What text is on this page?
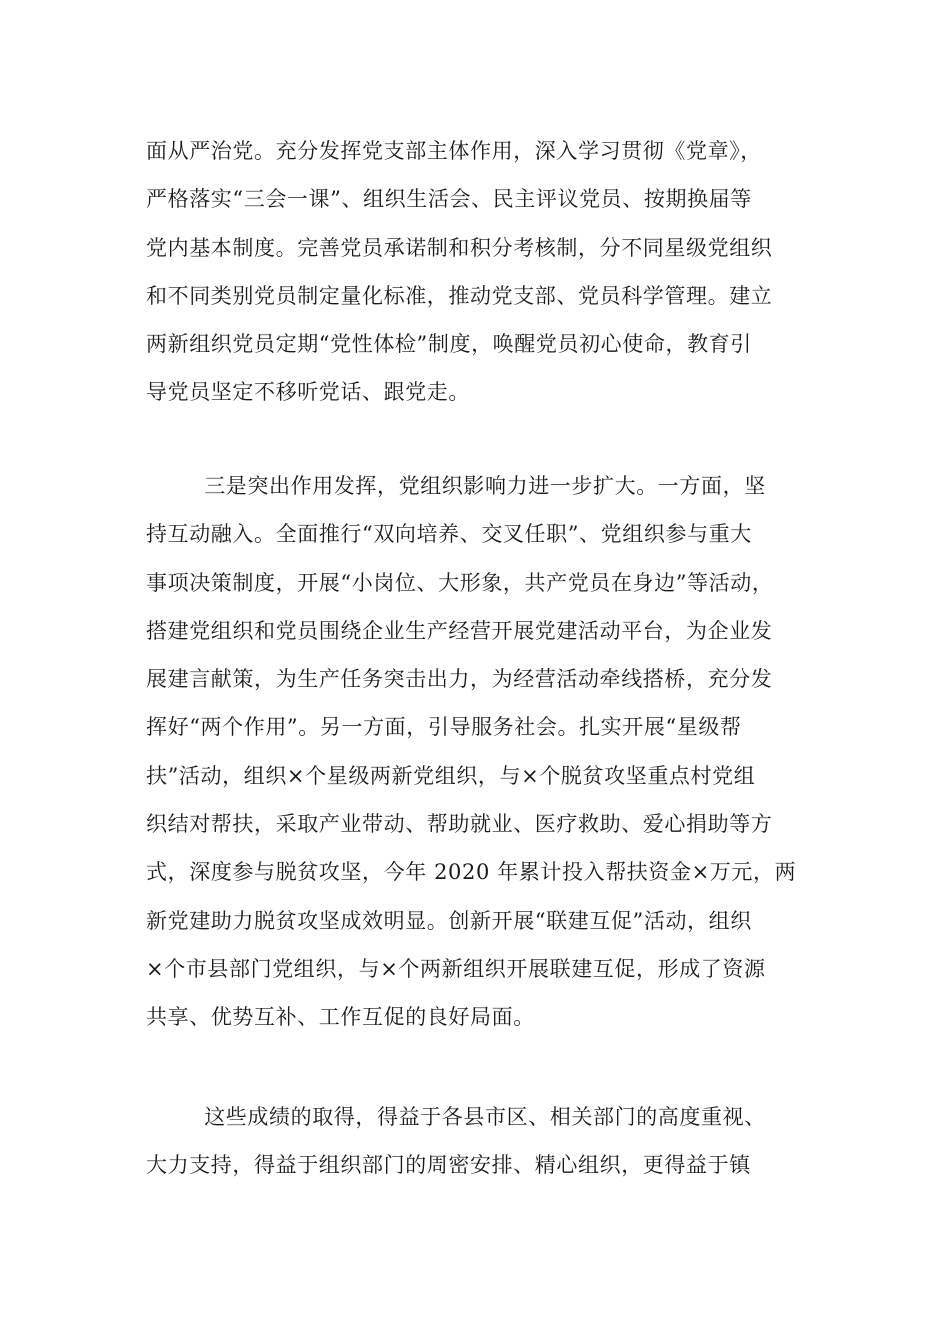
面从严治党。充分发挥党支部主体作用，深入学习贯彻《党章》，
严格落实“三会一课”、组织生活会、民主评议党员、按期换届等
党内基本制度。完善党员承诺制和积分考核制，分不同星级党组织
和不同类别党员制定量化标准，推动党支部、党员科学管理。建立
两新组织党员定期“党性体检”制度，唤醒党员初心使命，教育引
导党员坚定不移听党话、跟党走。
三是突出作用发挥，党组织影响力进一步扩大。一方面，坚
持互动融入。全面推行“双向培养、交叉任职”、党组织参与重大
事项决策制度，开展“小岗位、大形象，共产党员在身边”等活动，
搭建党组织和党员围绕企业生产经营开展党建活动平台，为企业发
展建言献策，为生产任务突击出力，为经营活动牵线搭桥，充分发
挥好“两个作用”。另一方面，引导服务社会。扎实开展“星级帮
扶”活动，组织×个星级两新党组织，与×个脱贫攻坚重点村党组
织结对帮扶，采取产业带动、帮助就业、医疗救助、爱心捐助等方
式，深度参与脱贫攻坚，今年 2020 年累计投入帮扶资金×万元，两
新党建助力脱贫攻坚成效明显。创新开展“联建互促”活动，组织
×个市县部门党组织，与×个两新组织开展联建互促，形成了资源
共享、优势互补、工作互促的良好局面。
这些成绩的取得，得益于各县市区、相关部门的高度重视、
大力支持，得益于组织部门的周密安排、精心组织，更得益于镇
